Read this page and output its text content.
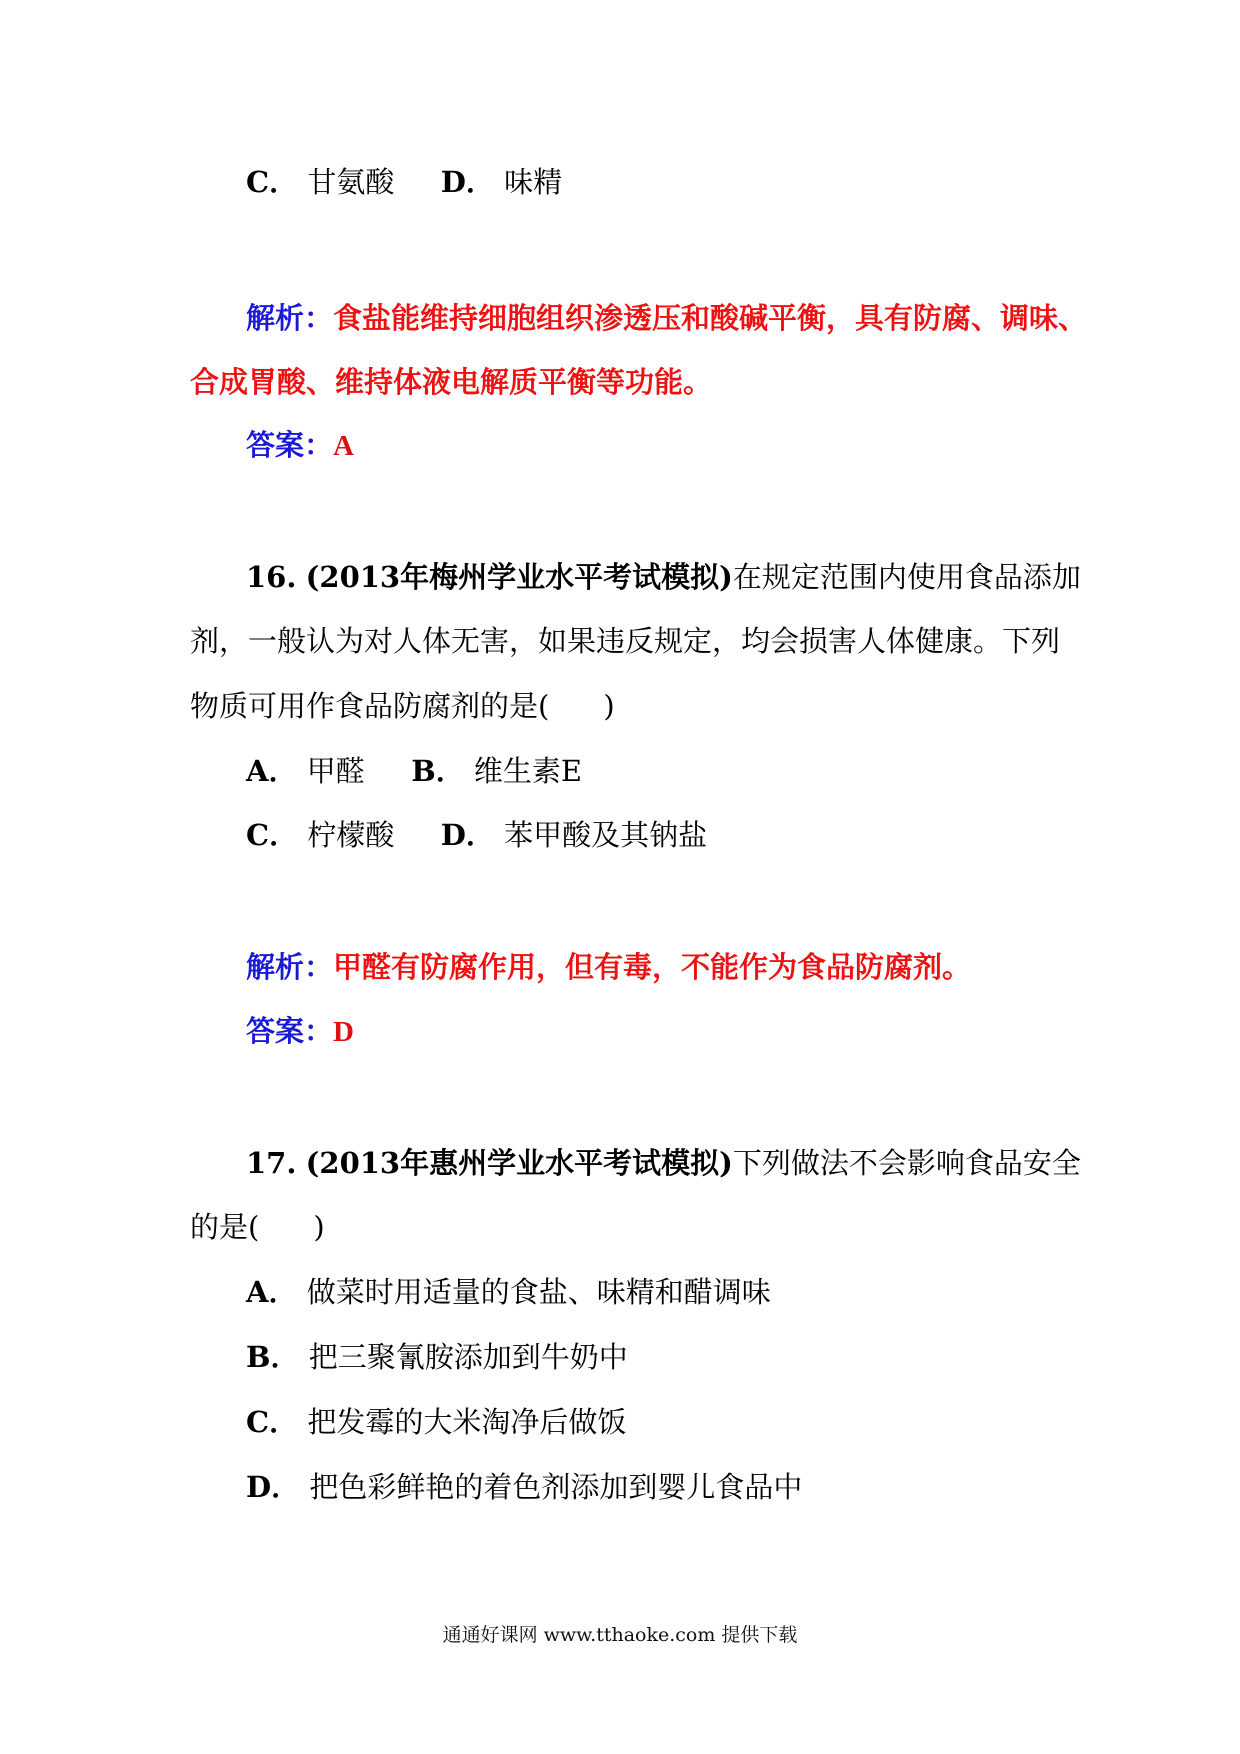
C． 甘氨酸 D． 味精
解析：食盐能维持细胞组织渗透压和酸碱平衡，具有防腐、调味、
合成胃酸、维持体液电解质平衡等功能。
答案：A
16. (2013年梅州学业水平考试模拟)在规定范围内使用食品添加
剂，一般认为对人体无害，如果违反规定，均会损害人体健康。下列
物质可用作食品防腐剂的是( )
A． 甲醛 B． 维生素E
C． 柠檬酸 D． 苯甲酸及其钠盐
解析：甲醛有防腐作用，但有毒，不能作为食品防腐剂。
答案：D
17. (2013年惠州学业水平考试模拟)下列做法不会影响食品安全
的是( )
A． 做菜时用适量的食盐、味精和醋调味
B． 把三聚氰胺添加到牛奶中
C． 把发霉的大米淘净后做饭
D． 把色彩鲜艳的着色剂添加到婴儿食品中
通通好课网 www.tthaoke.com 提供下载
